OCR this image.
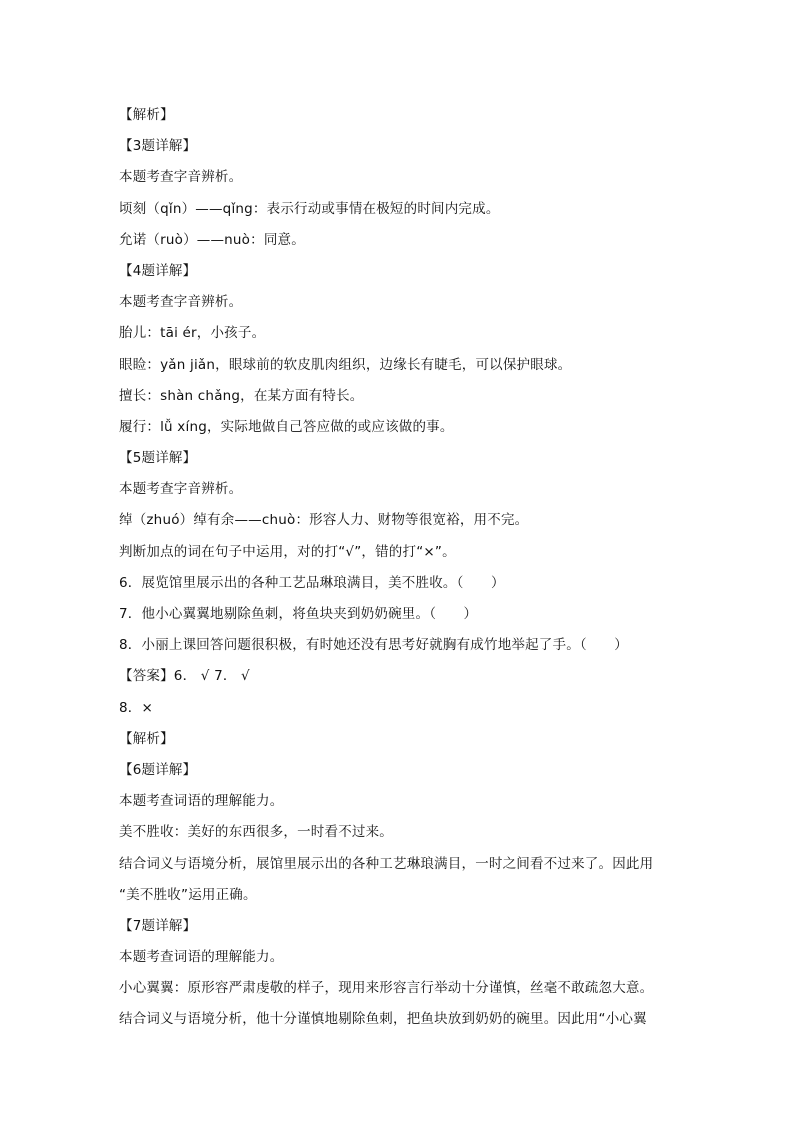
【解析】
【3题详解】
本题考查字音辨析。
顷刻（qǐn）——qǐng：表示行动或事情在极短的时间内完成。
允诺（ruò）——nuò：同意。
【4题详解】
本题考查字音辨析。
胎儿：tāi ér，小孩子。
眼睑：yǎn jiǎn，眼球前的软皮肌肉组织，边缘长有睫毛，可以保护眼球。
擅长：shàn chǎng，在某方面有特长。
履行：lǚ xíng，实际地做自己答应做的或应该做的事。
【5题详解】
本题考查字音辨析。
绰（zhuó）绰有余——chuò：形容人力、财物等很宽裕，用不完。
判断加点的词在句子中运用，对的打“√”，错的打“×”。
6．展览馆里展示出的各种工艺品琳琅满目，美不胜收。（　　）
7．他小心翼翼地剔除鱼刺，将鱼块夹到奶奶碗里。（　　）
8．小丽上课回答问题很积极，有时她还没有思考好就胸有成竹地举起了手。（　　）
【答案】6． √ 7． √
8．×
【解析】
【6题详解】
本题考查词语的理解能力。
美不胜收：美好的东西很多，一时看不过来。
结合词义与语境分析，展馆里展示出的各种工艺琳琅满目，一时之间看不过来了。因此用
“美不胜收”运用正确。
【7题详解】
本题考查词语的理解能力。
小心翼翼：原形容严肃虔敬的样子，现用来形容言行举动十分谨慎，丝毫不敢疏忽大意。
结合词义与语境分析，他十分谨慎地剔除鱼刺，把鱼块放到奶奶的碗里。因此用“小心翼
